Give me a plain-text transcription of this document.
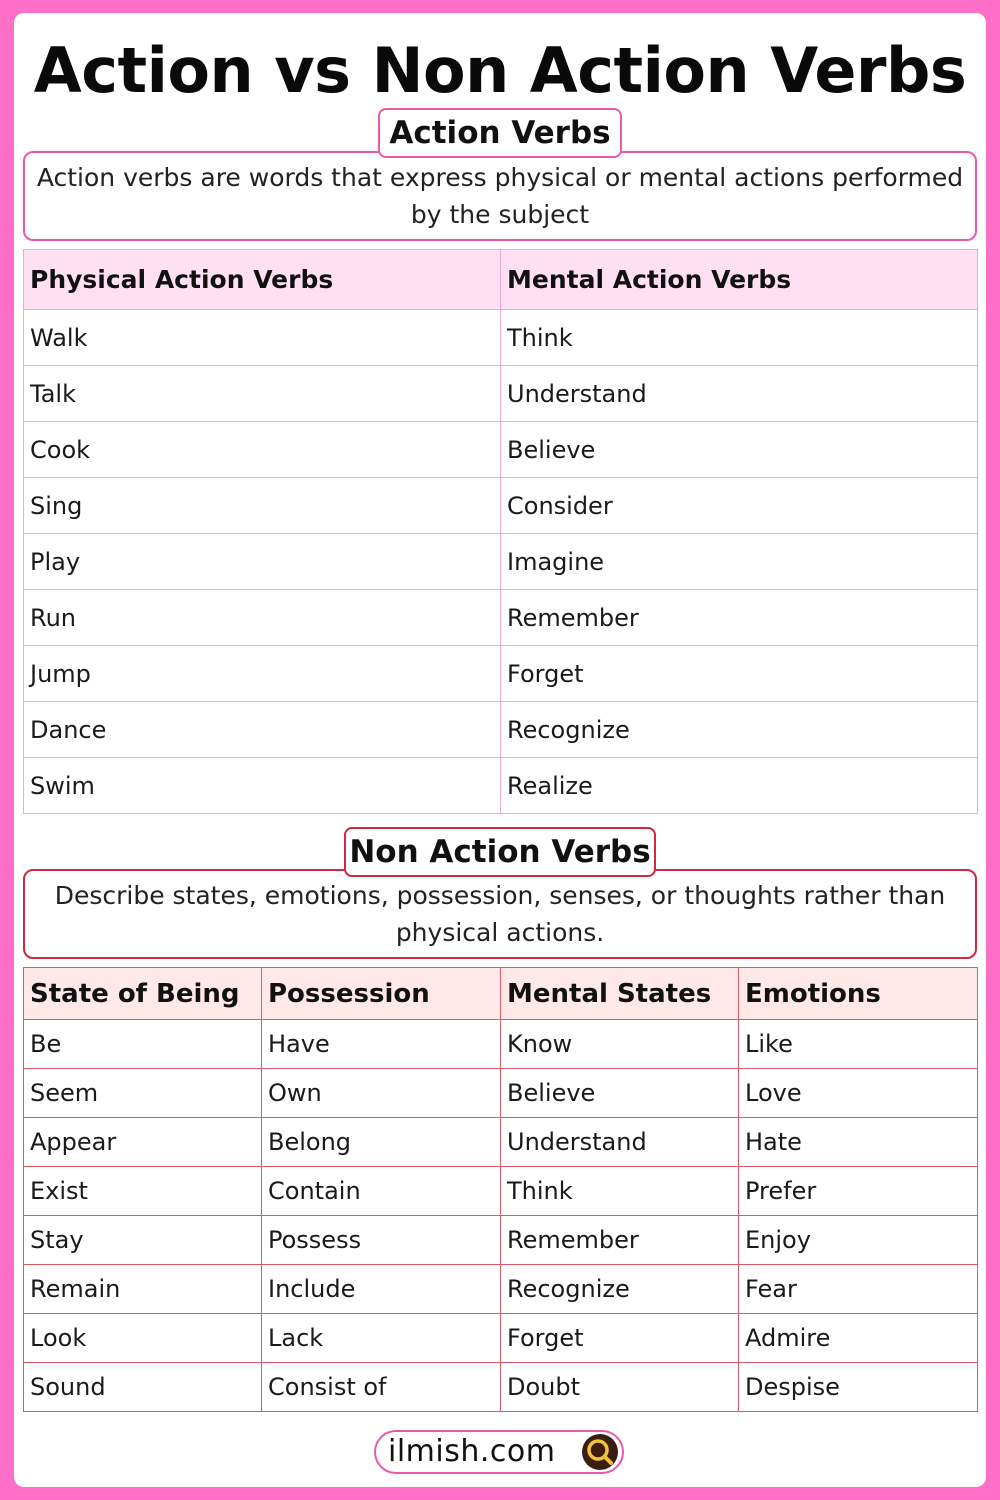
Action vs Non Action Verbs
Action Verbs
Action verbs are words that express physical or mental actions performed by the subject
Physical Action Verbs	Mental Action Verbs
Walk	Think
Talk	Understand
Cook	Believe
Sing	Consider
Play	Imagine
Run	Remember
Jump	Forget
Dance	Recognize
Swim	Realize
Non Action Verbs
Describe states, emotions, possession, senses, or thoughts rather than physical actions.
State of Being	Possession	Mental States	Emotions
Be	Have	Know	Like
Seem	Own	Believe	Love
Appear	Belong	Understand	Hate
Exist	Contain	Think	Prefer
Stay	Possess	Remember	Enjoy
Remain	Include	Recognize	Fear
Look	Lack	Forget	Admire
Sound	Consist of	Doubt	Despise
ilmish.com
